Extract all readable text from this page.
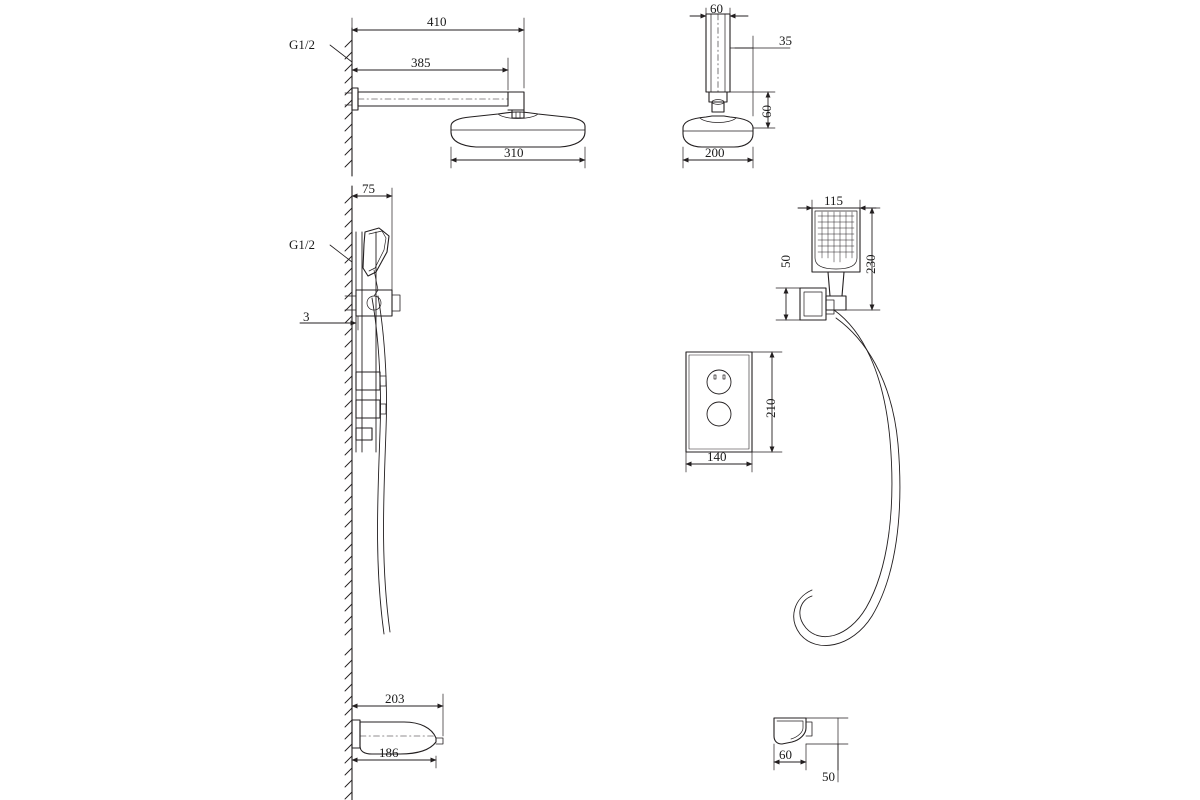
G1/2
410
385
310
60
35
60
200
G1/2
75
3
115
50	230
210
140
203
186	60
50
